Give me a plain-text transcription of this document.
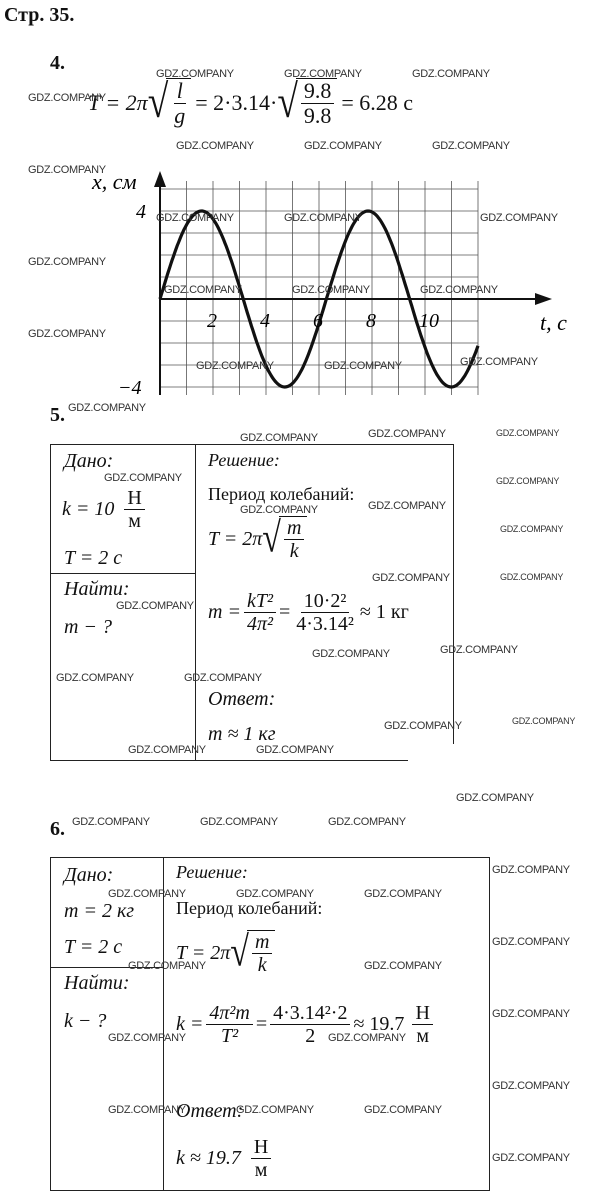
Стр. 35.
4.
T = 2π √ $\frac{l}{g} = 2\cdot 3.14\cdot$ √ $\frac{9.8}{9.8} = 6.28$ с
x, см
t, с
2 4 6 8 10
4
−4
5.
Дано:
$k = 10 \frac{Н}{м}$
T = 2 с
Найти:
m − ?
Решение:
Период колебаний:
T = 2π √ $\frac{m}{k}$
$m = \frac{\text{kT²}}{\text{4π²}} = \frac{\text{10·2²}}{\text{4·3.14²}} \approx 1$ кг
Ответ:
m ≈ 1 кг
6.
Дано:
m = 2 кг
T = 2 с
Найти:
k − ?
Решение:
Период колебаний:
T = 2π √ $\frac{m}{k}$
$k = \frac{\text{4π²m}}{\text{T²}} = \frac{\text{4·3.14²·2}}{2} \approx 19.7 \frac{Н}{м}$
Ответ:
$k \approx 19.7 \frac{Н}{м}$
GDZ.COMPANY	GDZ.COMPANY	GDZ.COMPANY
GDZ.COMPANY
GDZ.COMPANY	GDZ.COMPANY	GDZ.COMPANY
GDZ.COMPANY
GDZ.COMPANY	GDZ.COMPANY	GDZ.COMPANY
GDZ.COMPANY
GDZ.COMPANY	GDZ.COMPANY	GDZ.COMPANY
GDZ.COMPANY
GDZ.COMPANY	GDZ.COMPANY	GDZ.COMPANY
GDZ.COMPANY
GDZ.COMPANY	GDZ.COMPANY	GDZ.COMPANY
GDZ.COMPANY	GDZ.COMPANY
GDZ.COMPANY	GDZ.COMPANY
GDZ.COMPANY
GDZ.COMPANY	GDZ.COMPANY
GDZ.COMPANY
GDZ.COMPANY	GDZ.COMPANY
GDZ.COMPANY	GDZ.COMPANY
GDZ.COMPANY	GDZ.COMPANY
GDZ.COMPANY	GDZ.COMPANY
GDZ.COMPANY
GDZ.COMPANY	GDZ.COMPANY	GDZ.COMPANY
GDZ.COMPANY
GDZ.COMPANY	GDZ.COMPANY	GDZ.COMPANY
GDZ.COMPANY
GDZ.COMPANY	GDZ.COMPANY
GDZ.COMPANY
GDZ.COMPANY	GDZ.COMPANY
GDZ.COMPANY
GDZ.COMPANY	GDZ.COMPANY	GDZ.COMPANY
GDZ.COMPANY
